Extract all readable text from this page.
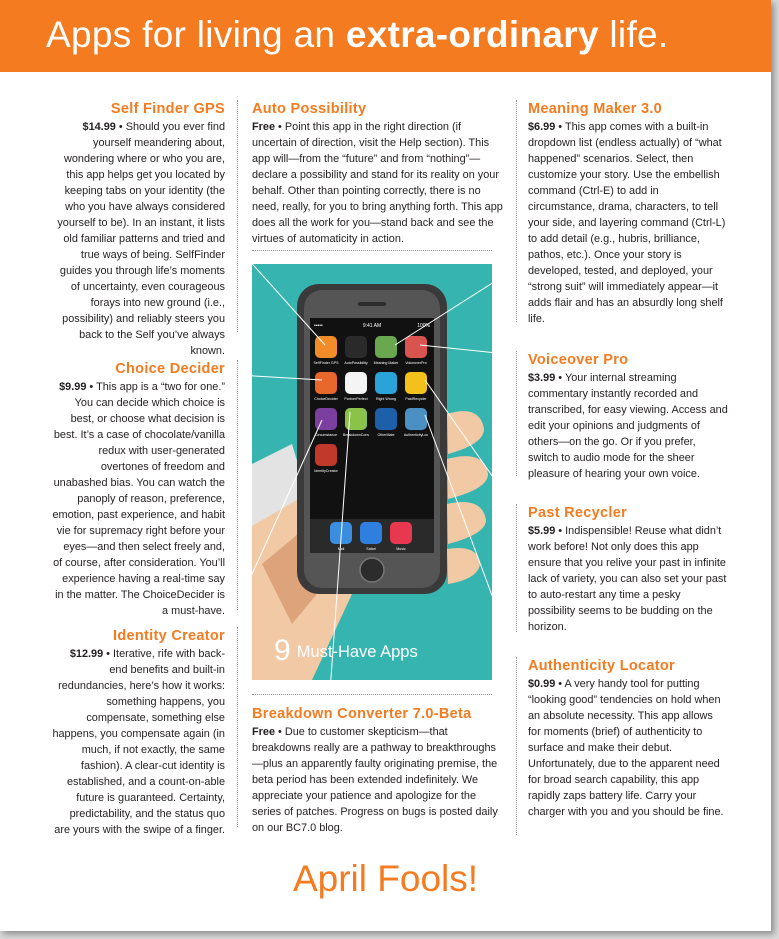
Apps for living an extra-ordinary life.
Self Finder GPS

$14.99 • Should you ever find yourself meandering about, wondering where or who you are, this app helps get you located by keeping tabs on your identity (the who you have always considered yourself to be). In an instant, it lists old familiar patterns and tried and true ways of being. SelfFinder guides you through life’s moments of uncertainty, even courageous forays into new ground (i.e., possibility) and reliably steers you back to the Self you’ve always known.

Choice Decider

$9.99 • This app is a “two for one.” You can decide which choice is best, or choose what decision is best. It’s a case of chocolate/vanilla redux with user-generated overtones of freedom and unabashed bias. You can watch the panoply of reason, preference, emotion, past experience, and habit vie for supremacy right before your eyes—and then select freely and, of course, after consideration. You’ll experience having a real-time say in the matter. The ChoiceDecider is a must-have.

Identity Creator

$12.99 • Iterative, rife with back-end benefits and built-in redundancies, here’s how it works: something happens, you compensate, something else happens, you compensate again (in much, if not exactly, the same fashion). A clear-cut identity is established, and a count-on-able future is guaranteed. Certainty, predictability, and the status quo are yours with the swipe of a finger.

Auto Possibility

Free • Point this app in the right direction (if uncertain of direction, visit the Help section). This app will—from the “future” and from “nothing”— declare a possibility and stand for its reality on your behalf. Other than pointing correctly, there is no need, really, for you to bring anything forth. This app does all the work for you—stand back and see the virtues of automaticity in action.

Breakdown Converter 7.0-Beta

Free • Due to customer skepticism—that breakdowns really are a pathway to breakthroughs—plus an apparently faulty originating premise, the beta period has been extended indefinitely. We appreciate your patience and apologize for the series of patches. Progress on bugs is posted daily on our BC7.0 blog.

Meaning Maker 3.0

$6.99 • This app comes with a built-in dropdown list (endless actually) of “what happened” scenarios. Select, then customize your story. Use the embellish command (Ctrl-E) to add in circumstance, drama, characters, to tell your side, and layering command (Ctrl-L) to add detail (e.g., hubris, brilliance, pathos, etc.). Once your story is developed, tested, and deployed, your “strong suit” will immediately appear—it adds flair and has an absurdly long shelf life.

Voiceover Pro

$3.99 • Your internal streaming commentary instantly recorded and transcribed, for easy viewing. Access and edit your opinions and judgments of others—on the go. Or if you prefer, switch to audio mode for the sheer pleasure of hearing your own voice.

Past Recycler

$5.99 • Indispensible! Reuse what didn’t work before! Not only does this app ensure that you relive your past in infinite lack of variety, you can also set your past to auto-restart any time a pesky possibility seems to be budding on the horizon.

Authenticity Locator

$0.99 • A very handy tool for putting “looking good” tendencies on hold when an absolute necessity. This app allows for moments (brief) of authenticity to surface and make their debut. Unfortunately, due to the apparent need for broad search capability, this app rapidly zaps battery life. Carry your charger with you and you should be fine.

•••••	9:41 AM	100%
SelfFinder GPS AutoPossibility Meaning Maker VoiceoverPro
ChoiceDecider PartnerPerfect Right Wrong	PastRecycler
Circumstance BreakdownConv OtherMate	AuthenticityLoc
IdentityCreator
Mail	Safari	Music
9 Must-Have Apps
April Fools!
